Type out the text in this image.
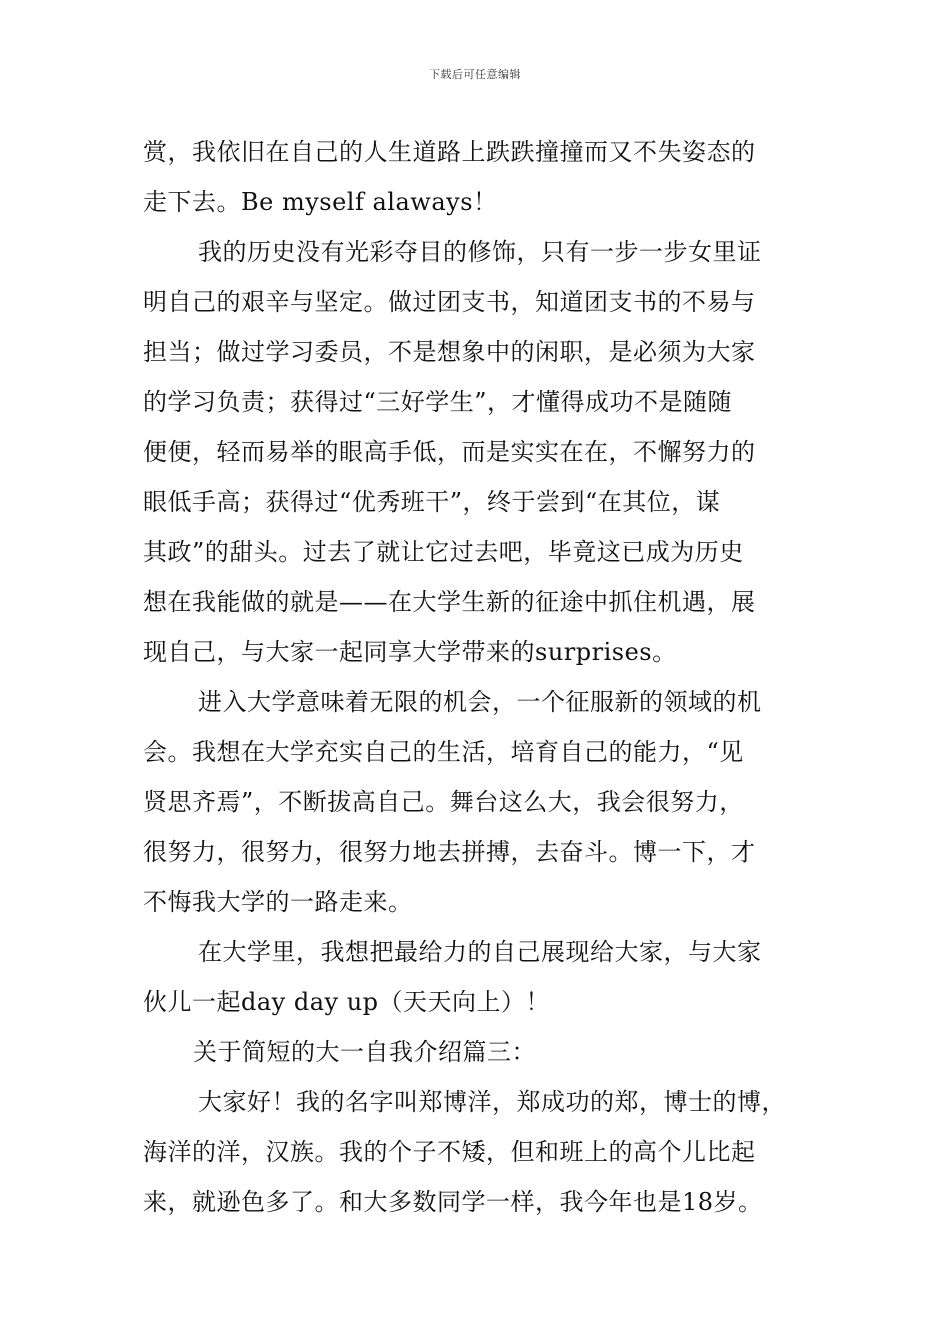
下载后可任意编辑
赏，我依旧在自己的人生道路上跌跌撞撞而又不失姿态的
走下去。Be myself alaways！
我的历史没有光彩夺目的修饰，只有一步一步女里证
明自己的艰辛与坚定。做过团支书，知道团支书的不易与
担当；做过学习委员，不是想象中的闲职，是必须为大家
的学习负责；获得过“三好学生”，才懂得成功不是随随
便便，轻而易举的眼高手低，而是实实在在，不懈努力的
眼低手高；获得过“优秀班干”，终于尝到“在其位，谋
其政”的甜头。过去了就让它过去吧，毕竟这已成为历史
想在我能做的就是——在大学生新的征途中抓住机遇，展
现自己，与大家一起同享大学带来的surprises。
进入大学意味着无限的机会，一个征服新的领域的机
会。我想在大学充实自己的生活，培育自己的能力，“见
贤思齐焉”，不断拔高自己。舞台这么大，我会很努力，
很努力，很努力，很努力地去拼搏，去奋斗。博一下，才
不悔我大学的一路走来。
在大学里，我想把最给力的自己展现给大家，与大家
伙儿一起day day up（天天向上）！
关于简短的大一自我介绍篇三：
大家好！我的名字叫郑博洋，郑成功的郑，博士的博，
海洋的洋，汉族。我的个子不矮，但和班上的高个儿比起
来，就逊色多了。和大多数同学一样，我今年也是18岁。
